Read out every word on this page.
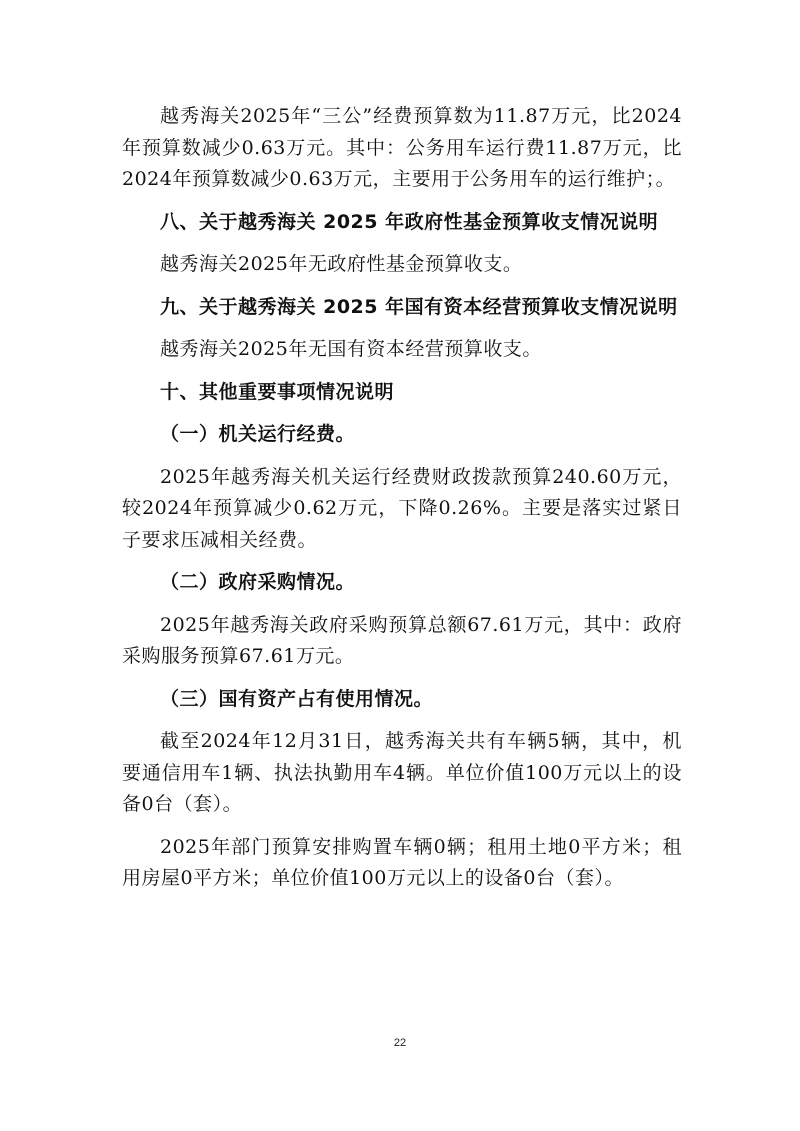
越秀海关2025年“三公”经费预算数为11.87万元，比2024年预算数减少0.63万元。其中：公务用车运行费11.87万元，比2024年预算数减少0.63万元，主要用于公务用车的运行维护；。

八、关于越秀海关 2025 年政府性基金预算收支情况说明

越秀海关2025年无政府性基金预算收支。

九、关于越秀海关 2025 年国有资本经营预算收支情况说明

越秀海关2025年无国有资本经营预算收支。

十、其他重要事项情况说明

（一）机关运行经费。

2025年越秀海关机关运行经费财政拨款预算240.60万元，较2024年预算减少0.62万元，下降0.26%。主要是落实过紧日子要求压减相关经费。

（二）政府采购情况。

2025年越秀海关政府采购预算总额67.61万元，其中：政府采购服务预算67.61万元。

（三）国有资产占有使用情况。

截至2024年12月31日，越秀海关共有车辆5辆，其中，机要通信用车1辆、执法执勤用车4辆。单位价值100万元以上的设备0台（套）。

2025年部门预算安排购置车辆0辆；租用土地0平方米；租用房屋0平方米；单位价值100万元以上的设备0台（套）。

22
